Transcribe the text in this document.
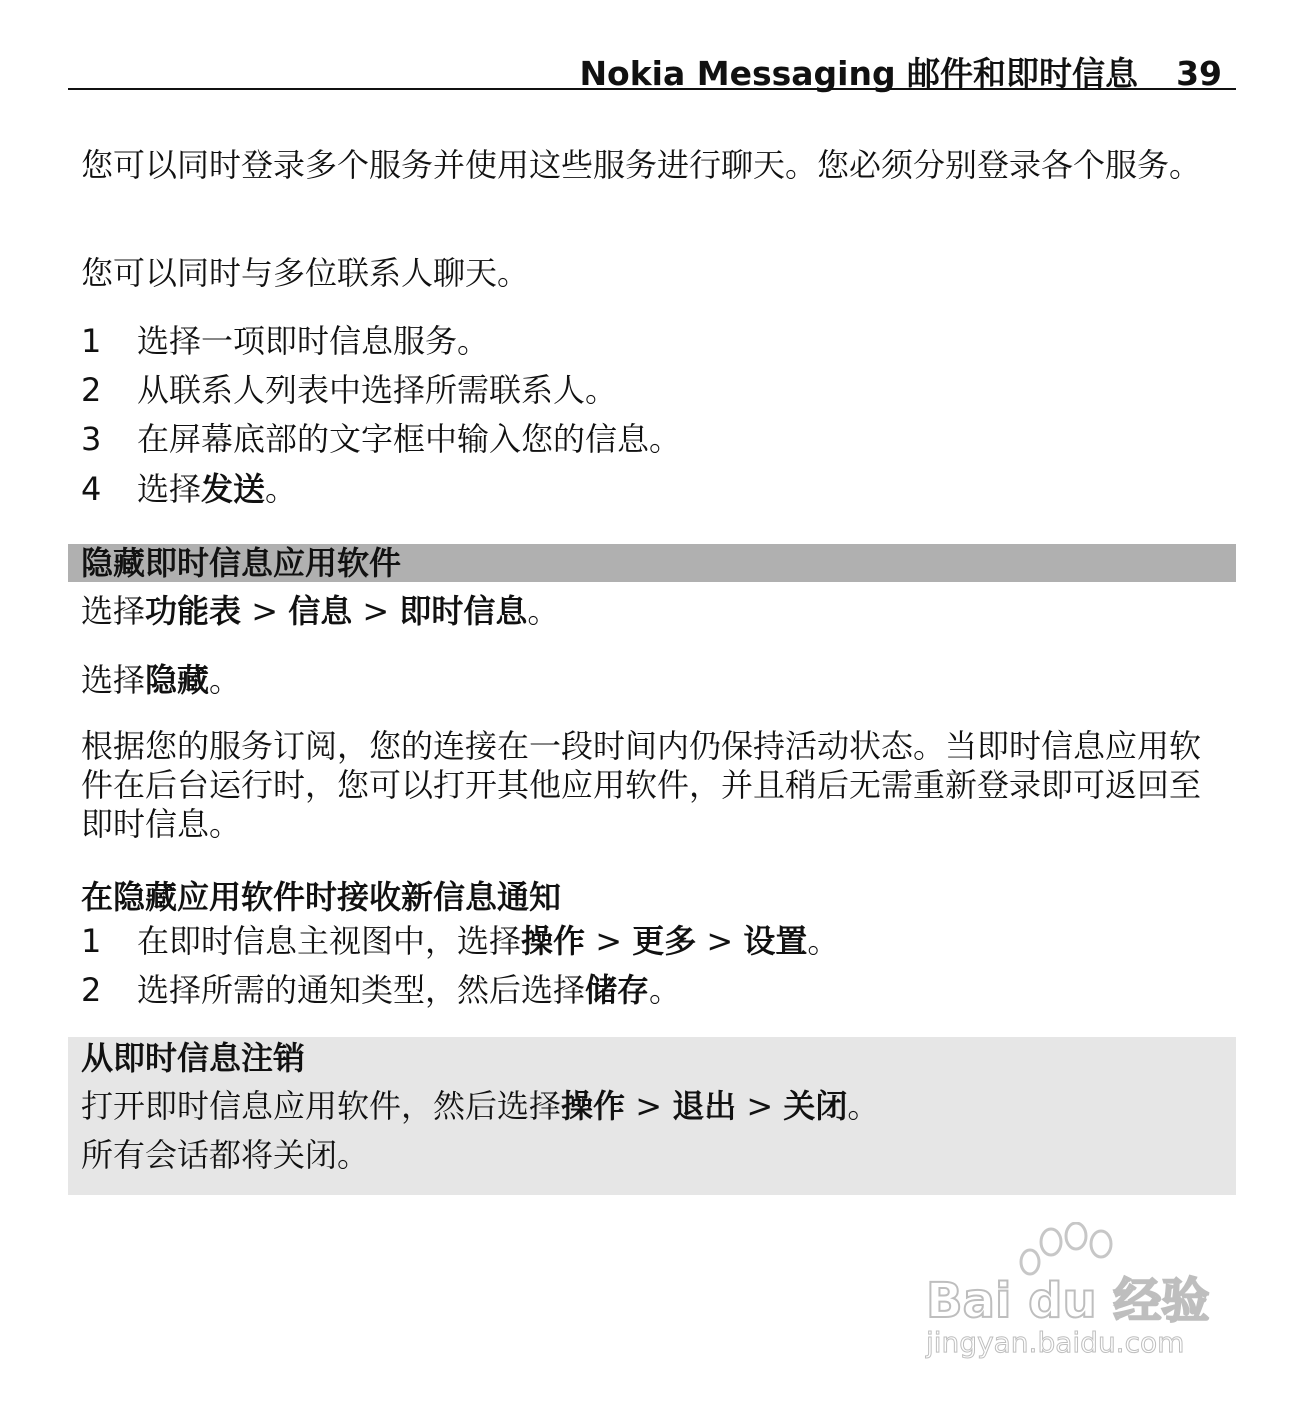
Nokia Messaging 邮件和即时信息 39

您可以同时登录多个服务并使用这些服务进行聊天。您必须分别登录各个服务。

您可以同时与多位联系人聊天。

1 选择一项即时信息服务。
2 从联系人列表中选择所需联系人。
3 在屏幕底部的文字框中输入您的信息。
4 选择发送。
隐藏即时信息应用软件
选择功能表 > 信息 > 即时信息。
选择隐藏。

根据您的服务订阅，您的连接在一段时间内仍保持活动状态。当即时信息应用软件在后台运行时，您可以打开其他应用软件，并且稍后无需重新登录即可返回至即时信息。

在隐藏应用软件时接收新信息通知
1 在即时信息主视图中，选择操作 > 更多 > 设置。
2 选择所需的通知类型，然后选择储存。
从即时信息注销
打开即时信息应用软件，然后选择操作 > 退出 > 关闭。

所有会话都将关闭。

Bai du 经验
jingyan.baidu.com
